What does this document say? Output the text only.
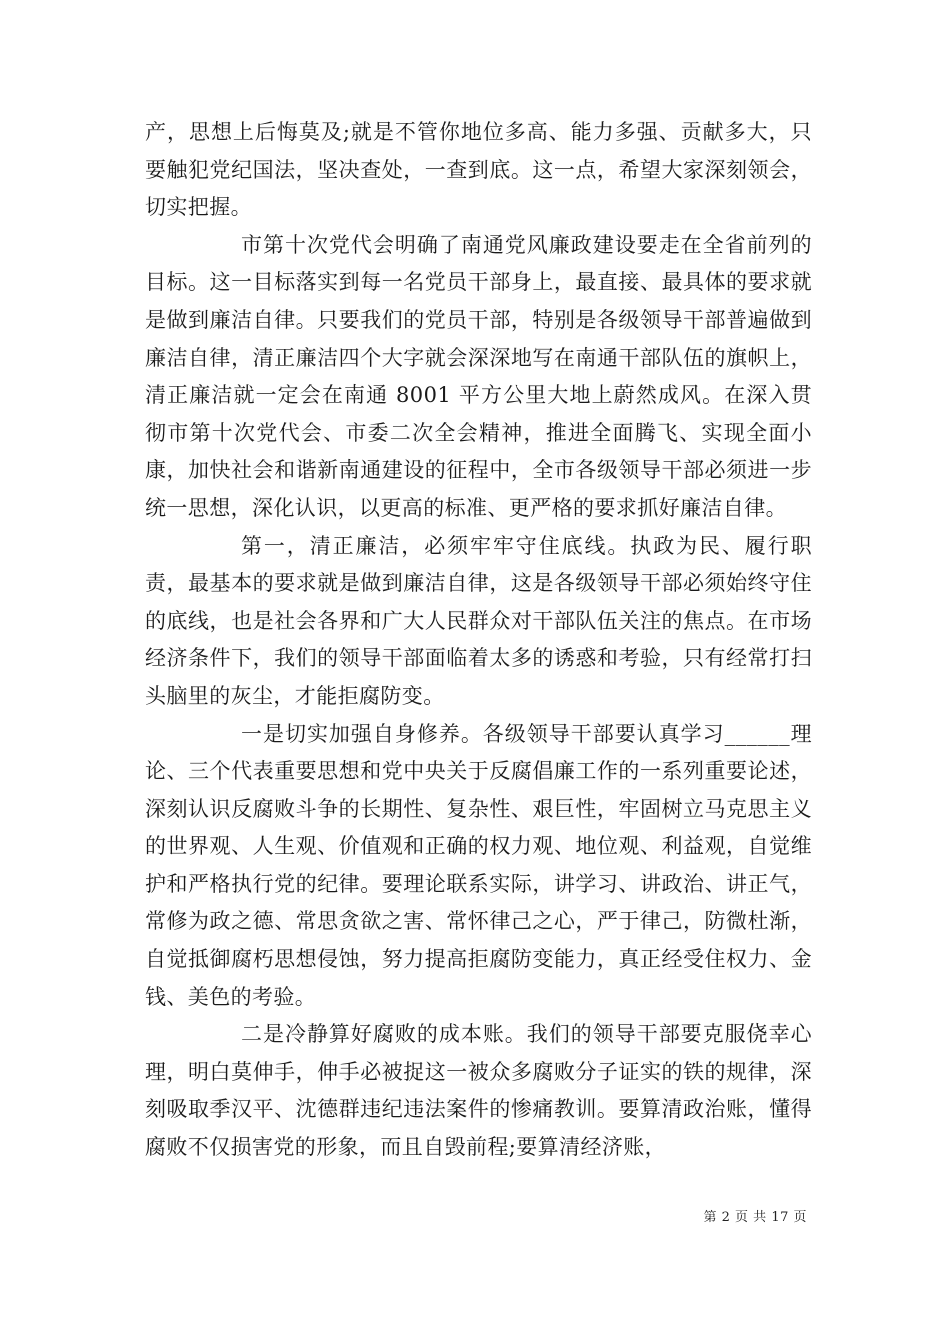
产，思想上后悔莫及;就是不管你地位多高、能力多强、贡献多大，只要触犯党纪国法，坚决查处，一查到底。这一点，希望大家深刻领会，切实把握。

市第十次党代会明确了南通党风廉政建设要走在全省前列的目标。这一目标落实到每一名党员干部身上，最直接、最具体的要求就是做到廉洁自律。只要我们的党员干部，特别是各级领导干部普遍做到廉洁自律，清正廉洁四个大字就会深深地写在南通干部队伍的旗帜上，清正廉洁就一定会在南通 8001 平方公里大地上蔚然成风。在深入贯彻市第十次党代会、市委二次全会精神，推进全面腾飞、实现全面小康，加快社会和谐新南通建设的征程中，全市各级领导干部必须进一步统一思想，深化认识，以更高的标准、更严格的要求抓好廉洁自律。

第一，清正廉洁，必须牢牢守住底线。执政为民、履行职责，最基本的要求就是做到廉洁自律，这是各级领导干部必须始终守住的底线，也是社会各界和广大人民群众对干部队伍关注的焦点。在市场经济条件下，我们的领导干部面临着太多的诱惑和考验，只有经常打扫头脑里的灰尘，才能拒腐防变。

一是切实加强自身修养。各级领导干部要认真学习______理论、三个代表重要思想和党中央关于反腐倡廉工作的一系列重要论述，深刻认识反腐败斗争的长期性、复杂性、艰巨性，牢固树立马克思主义的世界观、人生观、价值观和正确的权力观、地位观、利益观，自觉维护和严格执行党的纪律。要理论联系实际，讲学习、讲政治、讲正气，常修为政之德、常思贪欲之害、常怀律己之心，严于律己，防微杜渐，自觉抵御腐朽思想侵蚀，努力提高拒腐防变能力，真正经受住权力、金钱、美色的考验。

二是冷静算好腐败的成本账。我们的领导干部要克服侥幸心理，明白莫伸手，伸手必被捉这一被众多腐败分子证实的铁的规律，深刻吸取季汉平、沈德群违纪违法案件的惨痛教训。要算清政治账，懂得腐败不仅损害党的形象，而且自毁前程;要算清经济账，

第 2 页 共 17 页
